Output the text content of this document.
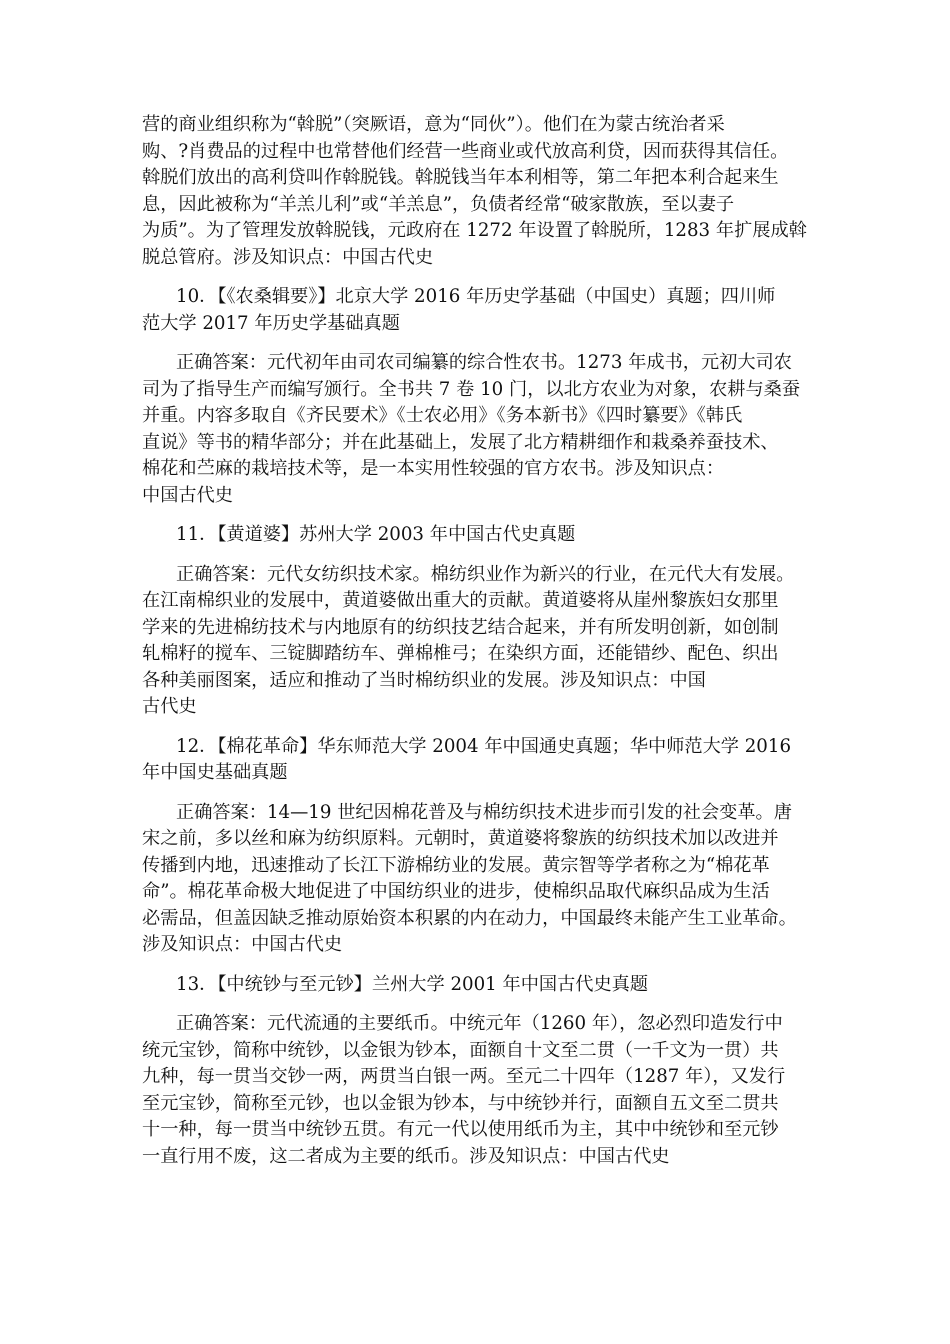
营的商业组织称为“斡脱”（突厥语，意为“同伙”）。他们在为蒙古统治者采
购、?肖费品的过程中也常替他们经营一些商业或代放高利贷，因而获得其信任。
斡脱们放出的高利贷叫作斡脱钱。斡脱钱当年本利相等，第二年把本利合起来生
息，因此被称为“羊羔儿利”或“羊羔息”，负债者经常“破家散族，至以妻子
为质”。为了管理发放斡脱钱，元政府在 1272 年设置了斡脱所，1283 年扩展成斡
脱总管府。涉及知识点：中国古代史

10．【《农桑辑要》】北京大学 2016 年历史学基础（中国史）真题；四川师
范大学 2017 年历史学基础真题

正确答案：元代初年由司农司编纂的综合性农书。1273 年成书，元初大司农
司为了指导生产而编写颁行。全书共 7 卷 10 门，以北方农业为对象，农耕与桑蚕
并重。内容多取自《齐民要术》《士农必用》《务本新书》《四时纂要》《韩氏
直说》等书的精华部分；并在此基础上，发展了北方精耕细作和栽桑养蚕技术、
棉花和苎麻的栽培技术等，是一本实用性较强的官方农书。涉及知识点：
中国古代史

11．【黄道婆】苏州大学 2003 年中国古代史真题

正确答案：元代女纺织技术家。棉纺织业作为新兴的行业，在元代大有发展。
在江南棉织业的发展中，黄道婆做出重大的贡献。黄道婆将从崖州黎族妇女那里
学来的先进棉纺技术与内地原有的纺织技艺结合起来，并有所发明创新，如创制
轧棉籽的搅车、三锭脚踏纺车、弹棉椎弓；在染织方面，还能错纱、配色、织出
各种美丽图案，适应和推动了当时棉纺织业的发展。涉及知识点：中国
古代史

12．【棉花革命】华东师范大学 2004 年中国通史真题；华中师范大学 2016
年中国史基础真题

正确答案：14—19 世纪因棉花普及与棉纺织技术进步而引发的社会变革。唐
宋之前，多以丝和麻为纺织原料。元朝时，黄道婆将黎族的纺织技术加以改进并
传播到内地，迅速推动了长江下游棉纺业的发展。黄宗智等学者称之为“棉花革
命”。棉花革命极大地促进了中国纺织业的进步，使棉织品取代麻织品成为生活
必需品，但盖因缺乏推动原始资本积累的内在动力，中国最终未能产生工业革命。
涉及知识点：中国古代史

13．【中统钞与至元钞】兰州大学 2001 年中国古代史真题

正确答案：元代流通的主要纸币。中统元年（1260 年），忽必烈印造发行中
统元宝钞，简称中统钞，以金银为钞本，面额自十文至二贯（一千文为一贯）共
九种，每一贯当交钞一两，两贯当白银一两。至元二十四年（1287 年），又发行
至元宝钞，简称至元钞，也以金银为钞本，与中统钞并行，面额自五文至二贯共
十一种，每一贯当中统钞五贯。有元一代以使用纸币为主，其中中统钞和至元钞
一直行用不废，这二者成为主要的纸币。涉及知识点：中国古代史
